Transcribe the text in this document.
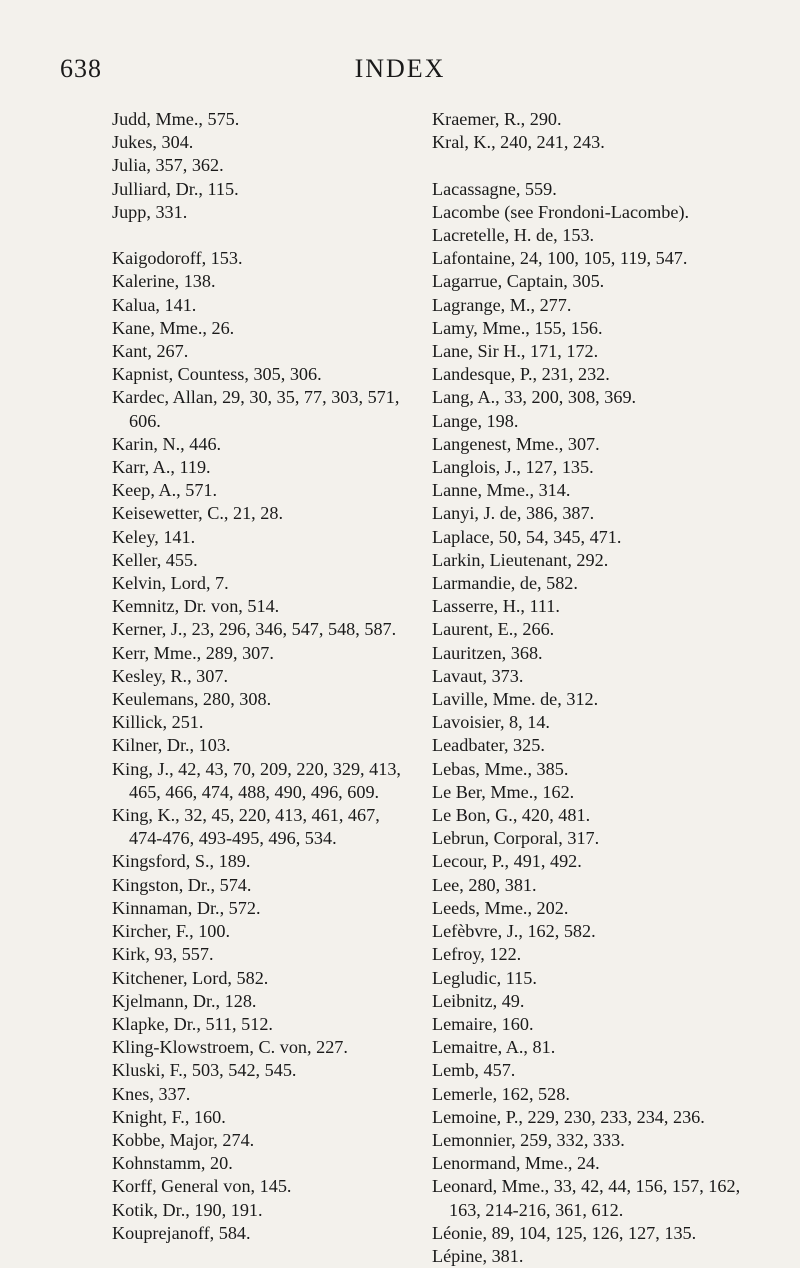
638	INDEX
Judd, Mme., 575.
Jukes, 304.
Julia, 357, 362.
Julliard, Dr., 115.
Jupp, 331.
Kaigodoroff, 153.
Kalerine, 138.
Kalua, 141.
Kane, Mme., 26.
Kant, 267.
Kapnist, Countess, 305, 306.
Kardec, Allan, 29, 30, 35, 77, 303, 571, 606.
Karin, N., 446.
Karr, A., 119.
Keep, A., 571.
Keisewetter, C., 21, 28.
Keley, 141.
Keller, 455.
Kelvin, Lord, 7.
Kemnitz, Dr. von, 514.
Kerner, J., 23, 296, 346, 547, 548, 587.
Kerr, Mme., 289, 307.
Kesley, R., 307.
Keulemans, 280, 308.
Killick, 251.
Kilner, Dr., 103.
King, J., 42, 43, 70, 209, 220, 329, 413, 465, 466, 474, 488, 490, 496, 609.
King, K., 32, 45, 220, 413, 461, 467, 474-476, 493-495, 496, 534.
Kingsford, S., 189.
Kingston, Dr., 574.
Kinnaman, Dr., 572.
Kircher, F., 100.
Kirk, 93, 557.
Kitchener, Lord, 582.
Kjelmann, Dr., 128.
Klapke, Dr., 511, 512.
Kling-Klowstroem, C. von, 227.
Kluski, F., 503, 542, 545.
Knes, 337.
Knight, F., 160.
Kobbe, Major, 274.
Kohnstamm, 20.
Korff, General von, 145.
Kotik, Dr., 190, 191.
Kouprejanoff, 584.
Kraemer, R., 290.
Kral, K., 240, 241, 243.
Lacassagne, 559.
Lacombe (see Frondoni-Lacombe).
Lacretelle, H. de, 153.
Lafontaine, 24, 100, 105, 119, 547.
Lagarrue, Captain, 305.
Lagrange, M., 277.
Lamy, Mme., 155, 156.
Lane, Sir H., 171, 172.
Landesque, P., 231, 232.
Lang, A., 33, 200, 308, 369.
Lange, 198.
Langenest, Mme., 307.
Langlois, J., 127, 135.
Lanne, Mme., 314.
Lanyi, J. de, 386, 387.
Laplace, 50, 54, 345, 471.
Larkin, Lieutenant, 292.
Larmandie, de, 582.
Lasserre, H., 111.
Laurent, E., 266.
Lauritzen, 368.
Lavaut, 373.
Laville, Mme. de, 312.
Lavoisier, 8, 14.
Leadbater, 325.
Lebas, Mme., 385.
Le Ber, Mme., 162.
Le Bon, G., 420, 481.
Lebrun, Corporal, 317.
Lecour, P., 491, 492.
Lee, 280, 381.
Leeds, Mme., 202.
Lefèbvre, J., 162, 582.
Lefroy, 122.
Legludic, 115.
Leibnitz, 49.
Lemaire, 160.
Lemaitre, A., 81.
Lemb, 457.
Lemerle, 162, 528.
Lemoine, P., 229, 230, 233, 234, 236.
Lemonnier, 259, 332, 333.
Lenormand, Mme., 24.
Leonard, Mme., 33, 42, 44, 156, 157, 162, 163, 214-216, 361, 612.
Léonie, 89, 104, 125, 126, 127, 135.
Lépine, 381.
